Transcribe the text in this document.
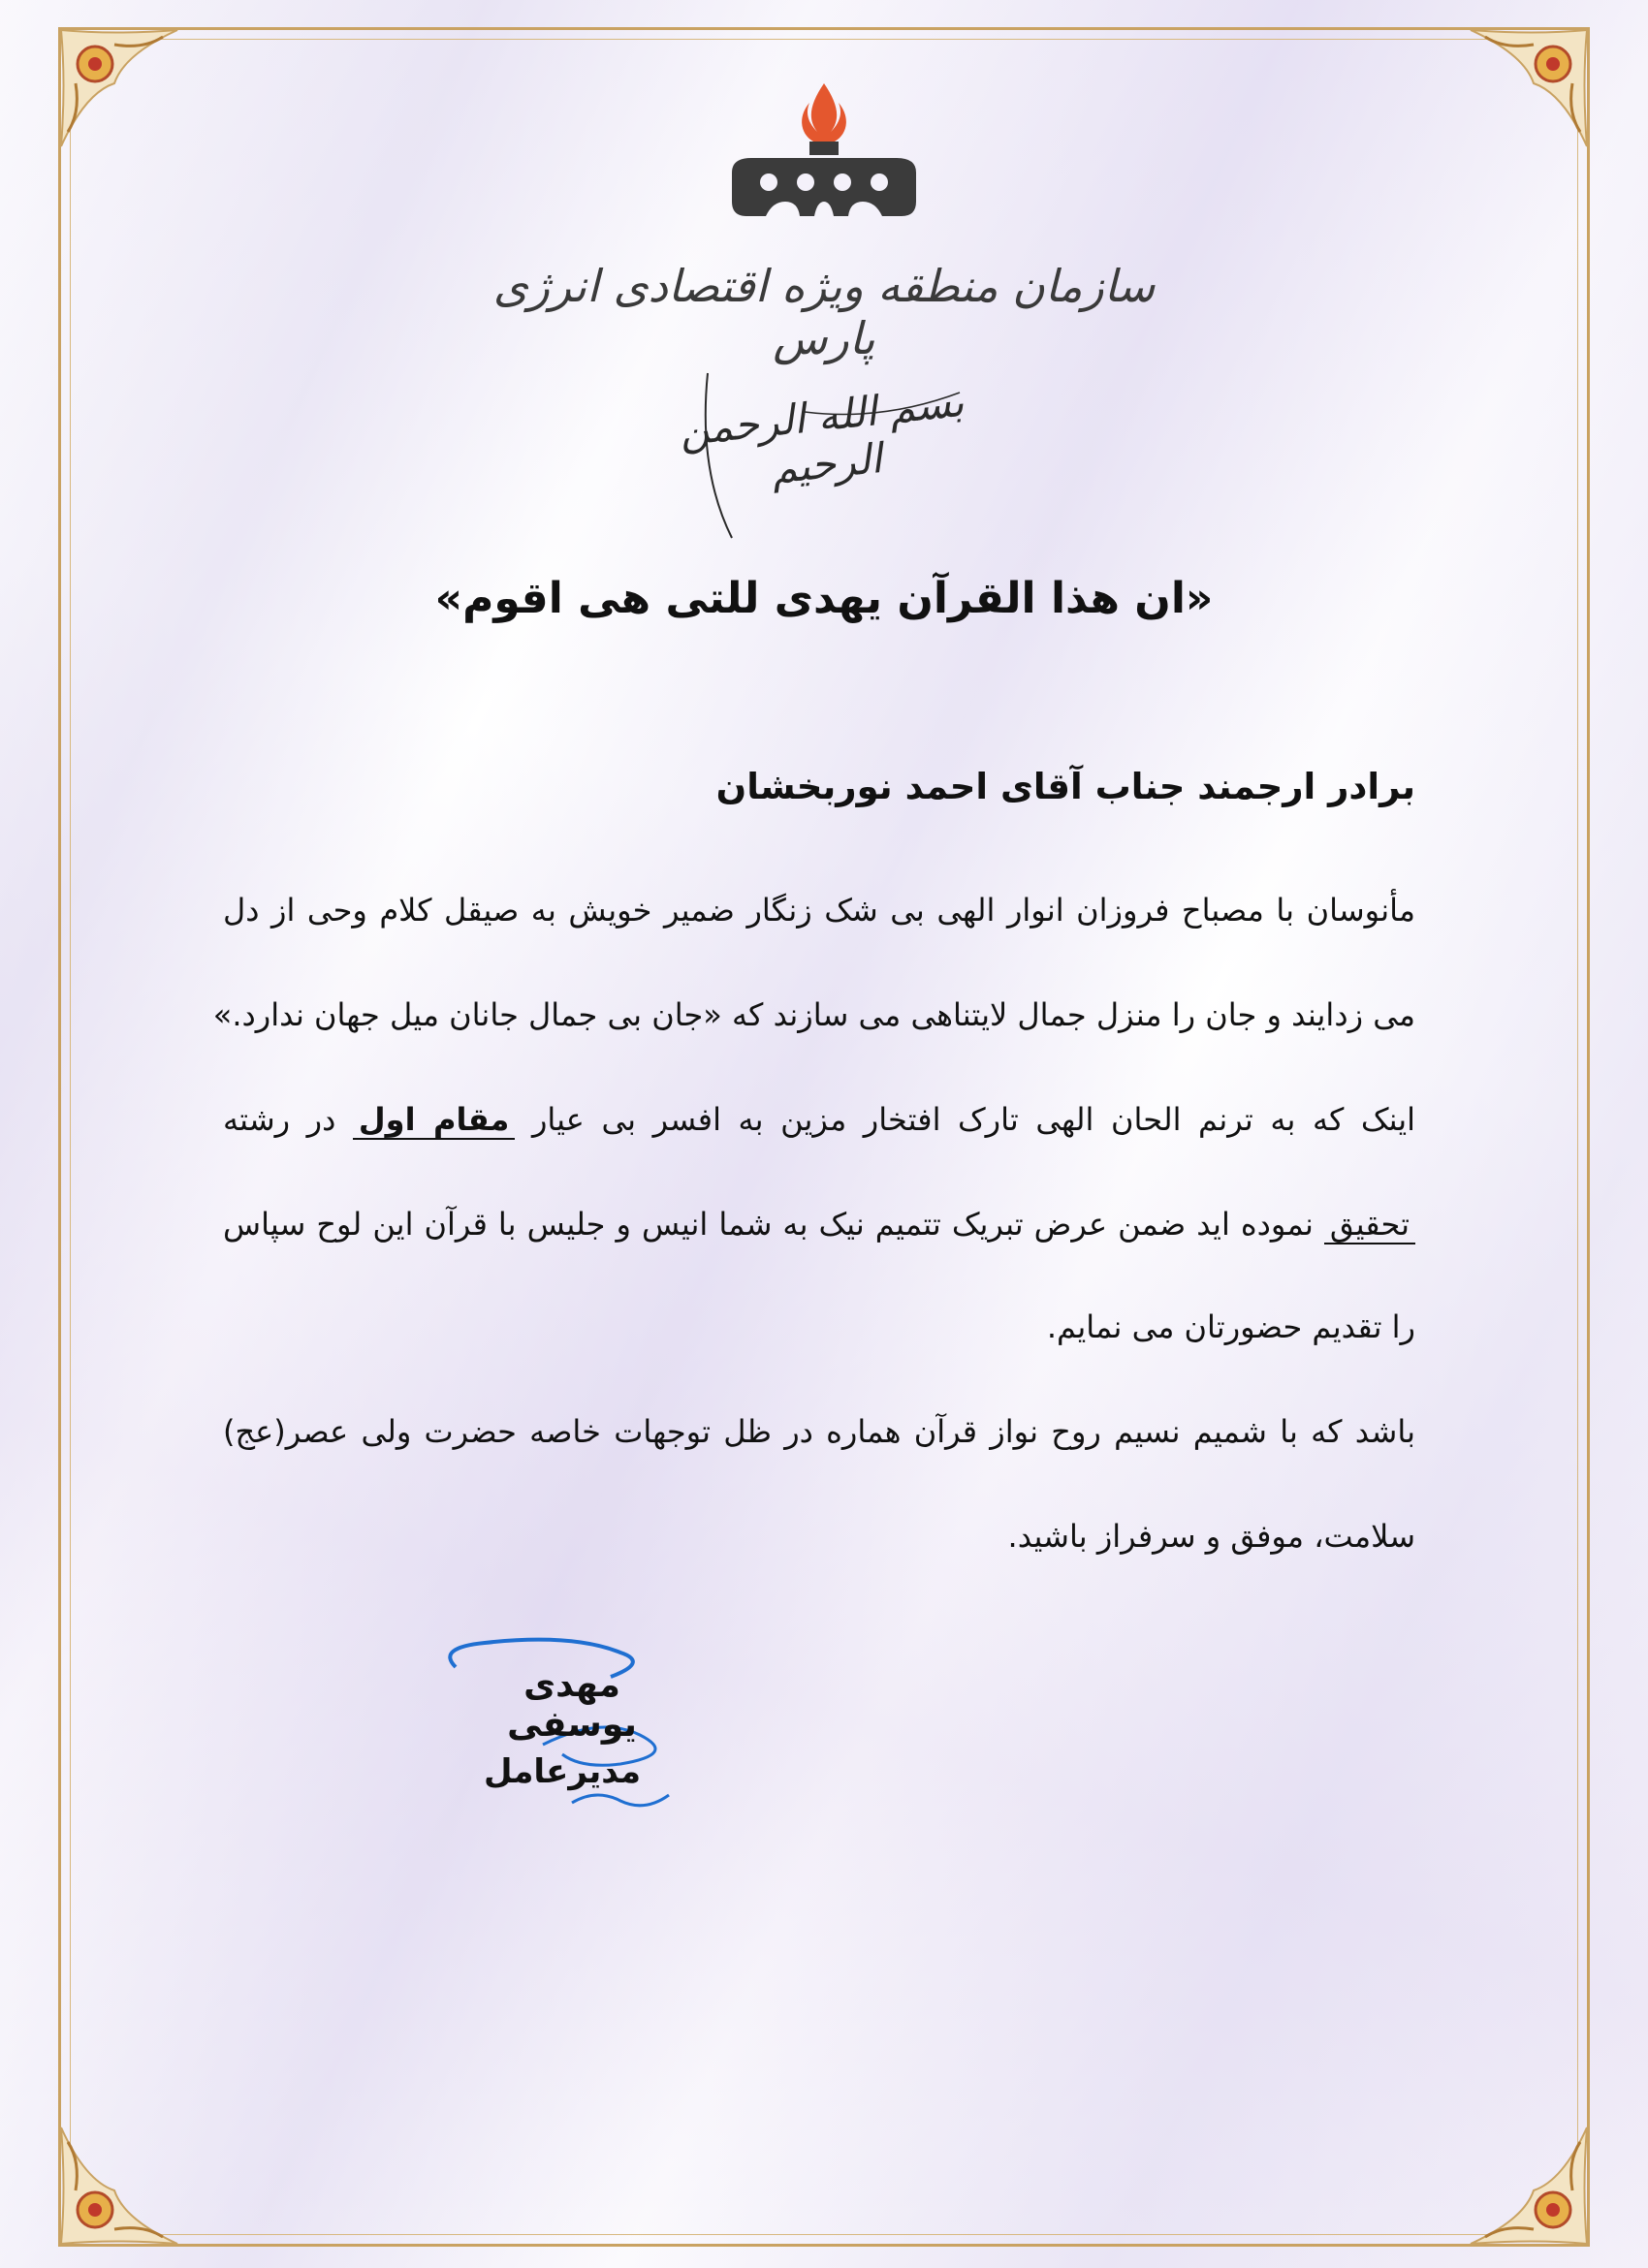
سازمان منطقه ویژه اقتصادی انرژی پارس
بسم الله الرحمن الرحیم
«ان هذا القرآن یهدی للتی هی اقوم»
برادر ارجمند جناب آقای احمد نوربخشان
مأنوسان با مصباح فروزان انوار الهی بی شک زنگار ضمیر خویش به صیقل کلام وحی از دل
می زدایند و جان را منزل جمال لایتناهی می سازند که «جان بی جمال جانان میل جهان ندارد.»
اینک که به ترنم الحان الهی تارک افتخار مزین به افسر بی عیار مقام اول در رشته
تحقیق نموده اید ضمن عرض تبریک تتمیم نیک به شما انیس و جلیس با قرآن این لوح سپاس
را تقدیم حضورتان می نمایم.
باشد که با شمیم نسیم روح نواز قرآن هماره در ظل توجهات خاصه حضرت ولی عصر(عج)
سلامت، موفق و سرفراز باشید.
مهدی یوسفی
مدیرعامل
